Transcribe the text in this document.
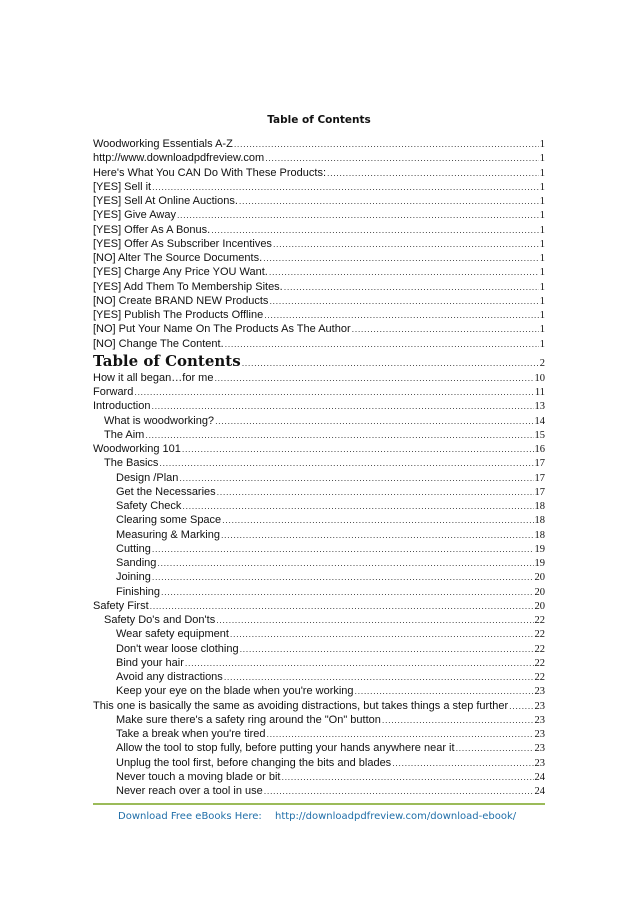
Table of Contents
Woodworking Essentials A-Z .....	1
http://www.downloadpdfreview.com .....	1
Here's What You CAN Do With These Products: .....	1
[YES] Sell it .....	1
[YES] Sell At Online Auctions. .....	1
[YES] Give Away .....	1
[YES] Offer As A Bonus. .....	1
[YES] Offer As Subscriber Incentives .....	1
[NO] Alter The Source Documents. .....	1
[YES] Charge Any Price YOU Want. .....	1
[YES] Add Them To Membership Sites. .....	1
[NO] Create BRAND NEW Products .....	1
[YES] Publish The Products Offline .....	1
[NO] Put Your Name On The Products As The Author .....	1
[NO] Change The Content. .....	1
Table of Contents .....	2
How it all began…for me .....	10
Forward .....	11
Introduction .....	13
What is woodworking? .....	14
The Aim .....	15
Woodworking 101 .....	16
The Basics .....	17
Design /Plan .....	17
Get the Necessaries .....	17
Safety Check .....	18
Clearing some Space .....	18
Measuring & Marking .....	18
Cutting .....	19
Sanding .....	19
Joining .....	20
Finishing .....	20
Safety First .....	20
Safety Do's and Don'ts .....	22
Wear safety equipment .....	22
Don't wear loose clothing .....	22
Bind your hair .....	22
Avoid any distractions .....	22
Keep your eye on the blade when you're working .....	23
This one is basically the same as avoiding distractions, but takes things a step further .....	23
Make sure there's a safety ring around the "On" button .....	23
Take a break when you're tired .....	23
Allow the tool to stop fully, before putting your hands anywhere near it .....	23
Unplug the tool first, before changing the bits and blades .....	23
Never touch a moving blade or bit .....	24
Never reach over a tool in use .....	24
Download Free eBooks Here: http://downloadpdfreview.com/download-ebook/
